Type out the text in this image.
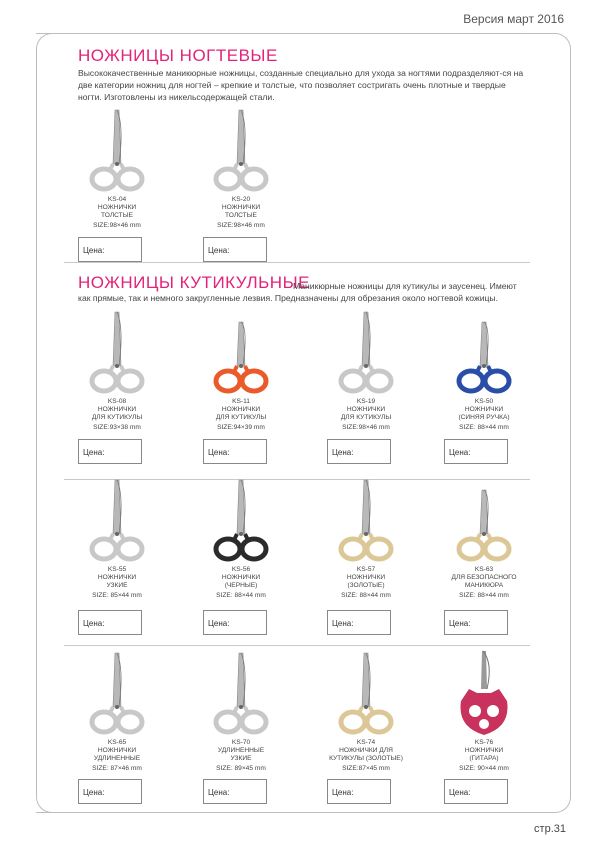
Версия март 2016
НОЖНИЦЫ НОГТЕВЫЕ
Высококачественные маникюрные ножницы, созданные специально для ухода за ногтями подразделяют-ся на две категории ножниц для ногтей – крепкие и толстые, что позволяет состригать очень плотные и твердые ногти. Изготовлены из никельсодержащей стали.
НОЖНИЦЫ КУТИКУЛЬНЫЕ
Маникюрные ножницы для кутикулы и заусенец. Имеют
как прямые, так и немного закругленные лезвия. Предназначены для обрезания около ногтевой кожицы.
KS-04
НОЖНИЧКИ
ТОЛСТЫЕ
SIZE:98×46 mm
Цена:
KS-20
НОЖНИЧКИ
ТОЛСТЫЕ
SIZE:98×46 mm
Цена:
KS-08
НОЖНИЧКИ
ДЛЯ КУТИКУЛЫ
SIZE:93×38 mm
Цена:
KS-11
НОЖНИЧКИ
ДЛЯ КУТИКУЛЫ
SIZE:94×39 mm
Цена:
KS-19
НОЖНИЧКИ
ДЛЯ КУТИКУЛЫ
SIZE:98×46 mm
Цена:
KS-50
НОЖНИЧКИ
(СИНЯЯ РУЧКА)
SIZE: 88×44 mm
Цена:
KS-55
НОЖНИЧКИ
УЗКИЕ
SIZE: 85×44 mm
Цена:
KS-56
НОЖНИЧКИ
(ЧЕРНЫЕ)
SIZE: 88×44 mm
Цена:
KS-57
НОЖНИЧКИ
(ЗОЛОТЫЕ)
SIZE: 88×44 mm
Цена:
KS-63
ДЛЯ БЕЗОПАСНОГО
МАНИКЮРА
SIZE: 88×44 mm
Цена:
KS-65
НОЖНИЧКИ
УДЛИНЕННЫЕ
SIZE: 87×46 mm
Цена:
KS-70
УДЛИНЕННЫЕ
УЗКИЕ
SIZE: 89×45 mm
Цена:
KS-74
НОЖНИЧКИ ДЛЯ
КУТИКУЛЫ (ЗОЛОТЫЕ)
SIZE:87×45 mm
Цена:
KS-76
НОЖНИЧКИ
(ГИТАРА)
SIZE: 90×44 mm
Цена:
стр.31
